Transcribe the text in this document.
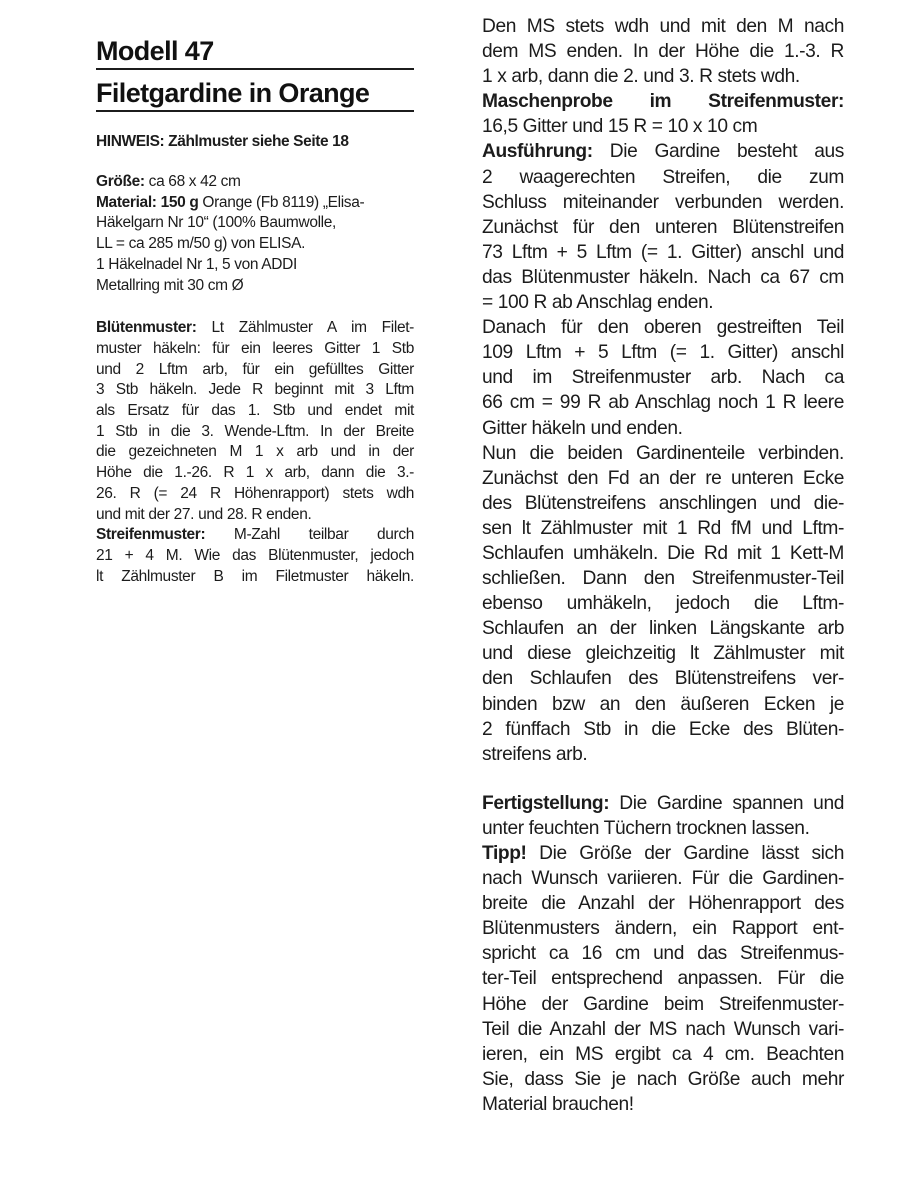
Modell 47
Filetgardine in Orange
HINWEIS: Zählmuster siehe Seite 18
Größe: ca 68 x 42 cm
Material: 150 g Orange (Fb 8119) „Elisa-
Häkelgarn Nr 10“ (100% Baumwolle,
LL = ca 285 m/50 g) von ELISA.
1 Häkelnadel Nr 1, 5 von ADDI
Metallring mit 30 cm Ø
Blütenmuster: Lt Zählmuster A im Filet-
muster häkeln: für ein leeres Gitter 1 Stb
und 2 Lftm arb, für ein gefülltes Gitter
3 Stb häkeln. Jede R beginnt mit 3 Lftm
als Ersatz für das 1. Stb und endet mit
1 Stb in die 3. Wende-Lftm. In der Breite
die gezeichneten M 1 x arb und in der
Höhe die 1.-26. R 1 x arb, dann die 3.-
26. R (= 24 R Höhenrapport) stets wdh
und mit der 27. und 28. R enden.
Streifenmuster: M-Zahl teilbar durch
21 + 4 M. Wie das Blütenmuster, jedoch
lt Zählmuster B im Filetmuster häkeln.
Den MS stets wdh und mit den M nach
dem MS enden. In der Höhe die 1.-3. R
1 x arb, dann die 2. und 3. R stets wdh.
Maschenprobe im Streifenmuster:
16,5 Gitter und 15 R = 10 x 10 cm
Ausführung: Die Gardine besteht aus
2 waagerechten Streifen, die zum
Schluss miteinander verbunden werden.
Zunächst für den unteren Blütenstreifen
73 Lftm + 5 Lftm (= 1. Gitter) anschl und
das Blütenmuster häkeln. Nach ca 67 cm
= 100 R ab Anschlag enden.
Danach für den oberen gestreiften Teil
109 Lftm + 5 Lftm (= 1. Gitter) anschl
und im Streifenmuster arb. Nach ca
66 cm = 99 R ab Anschlag noch 1 R leere
Gitter häkeln und enden.
Nun die beiden Gardinenteile verbinden.
Zunächst den Fd an der re unteren Ecke
des Blütenstreifens anschlingen und die-
sen lt Zählmuster mit 1 Rd fM und Lftm-
Schlaufen umhäkeln. Die Rd mit 1 Kett-M
schließen. Dann den Streifenmuster-Teil
ebenso umhäkeln, jedoch die Lftm-
Schlaufen an der linken Längskante arb
und diese gleichzeitig lt Zählmuster mit
den Schlaufen des Blütenstreifens ver-
binden bzw an den äußeren Ecken je
2 fünffach Stb in die Ecke des Blüten-
streifens arb.
Fertigstellung: Die Gardine spannen und
unter feuchten Tüchern trocknen lassen.
Tipp! Die Größe der Gardine lässt sich
nach Wunsch variieren. Für die Gardinen-
breite die Anzahl der Höhenrapport des
Blütenmusters ändern, ein Rapport ent-
spricht ca 16 cm und das Streifenmus-
ter-Teil entsprechend anpassen. Für die
Höhe der Gardine beim Streifenmuster-
Teil die Anzahl der MS nach Wunsch vari-
ieren, ein MS ergibt ca 4 cm. Beachten
Sie, dass Sie je nach Größe auch mehr
Material brauchen!
